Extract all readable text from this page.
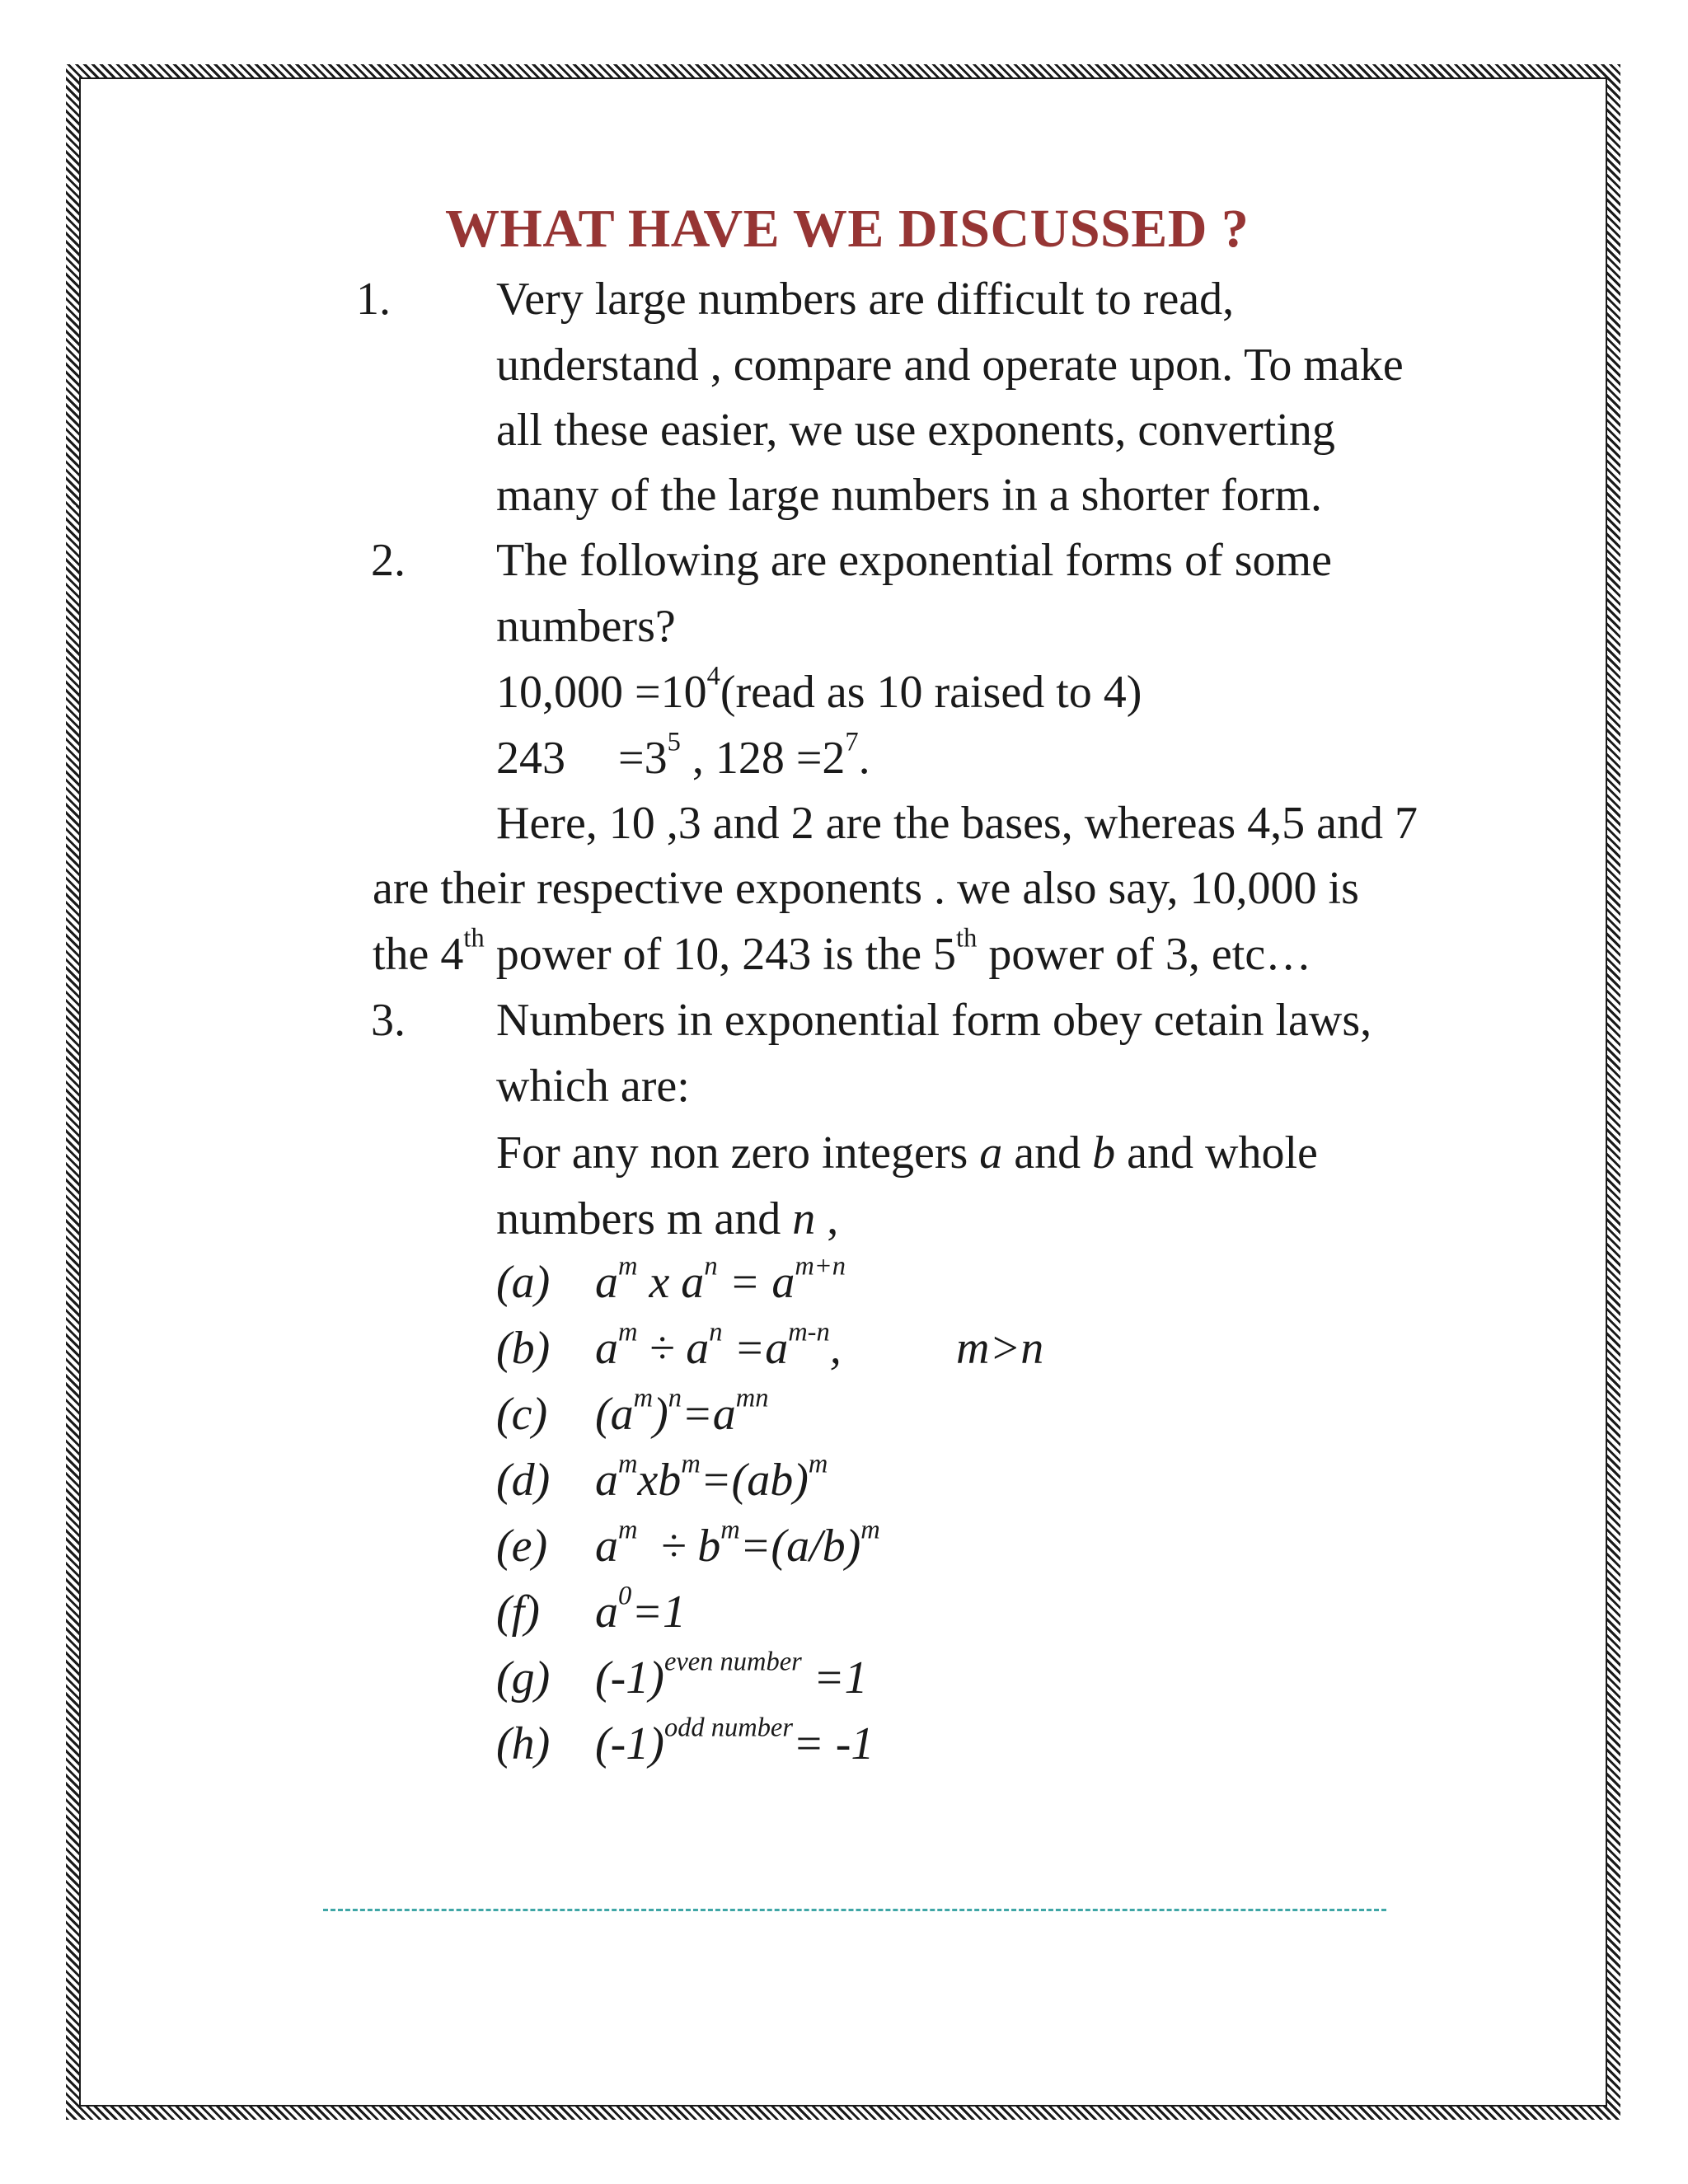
WHAT HAVE WE DISCUSSED ?
1. Very large numbers are difficult to read,
understand , compare and operate upon. To make
all these easier, we use exponents, converting
many of the large numbers in a shorter form.
2. The following are exponential forms of some
numbers?
$10,000 =10^4(read$ as 10 raised to 4)
$243 =3^5$ , $128 =2^7$.
Here, 10 ,3 and 2 are the bases, whereas 4,5 and 7
are their respective exponents . we also say, 10,000 is
the 4th power of 10, 243 is the 5th power of 3, etc…
3. Numbers in exponential form obey cetain laws,
which are:
For any non zero integers a and b and whole
numbers m and n ,
(a) $a^m$ x $a^n = a^{m+n}$
(b) $a^m \div a^n =a^{m-n}$, m>n
(c) $(a^m)^n=a^{mn}$
(d) $a^mxb^m=(ab)^m$
(e) $a^m \div b^m=(a/b)^m$
(f) $a^0=1$
(g) $(-1)^{even number} =1$
(h) $(-1)^{odd number}= -1$
